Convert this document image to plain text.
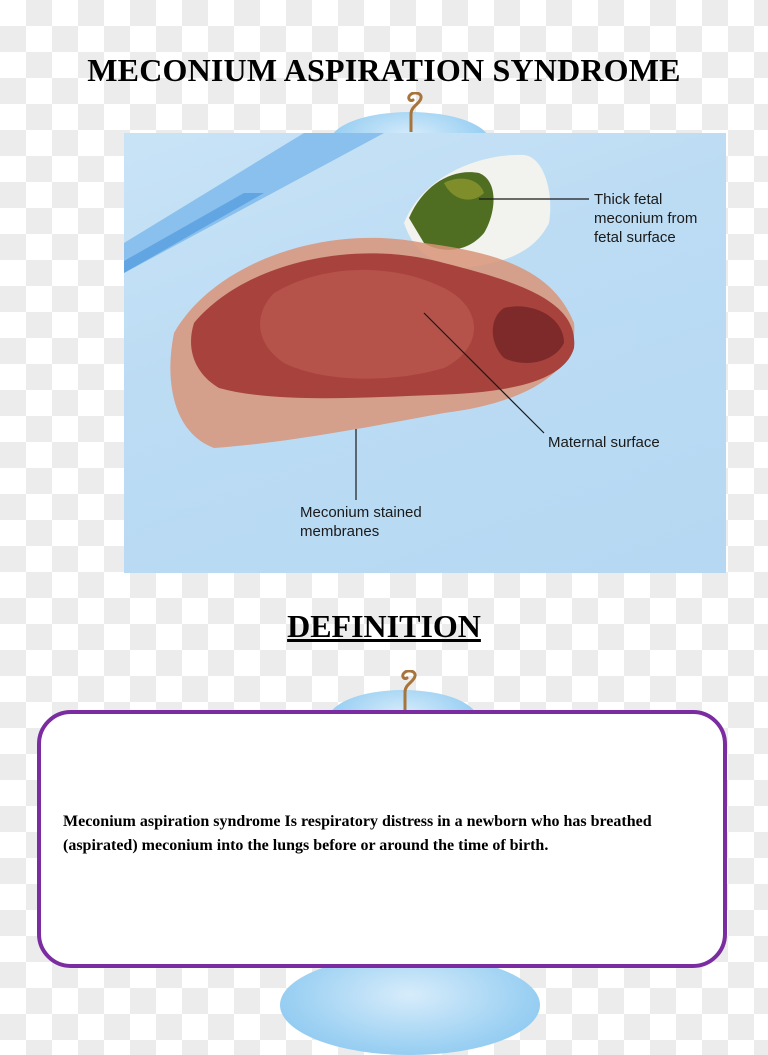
MECONIUM ASPIRATION SYNDROME
Thick fetal
meconium from
fetal surface
Maternal surface
Meconium stained
membranes
DEFINITION

Meconium aspiration syndrome Is respiratory distress in a newborn who has breathed (aspirated) meconium into the lungs before or around the time of birth.
